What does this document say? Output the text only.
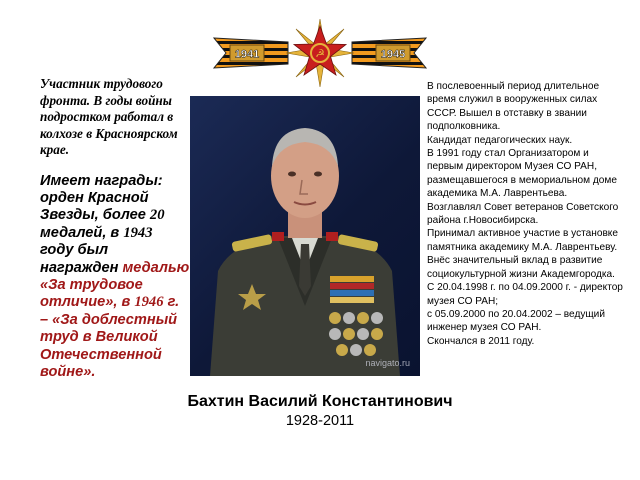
1941	1945
☭

Участник трудового фронта. В годы войны подростком работал в колхозе в Красноярском крае.

Имеет награды: орден Красной Звезды, более 20 медалей, в 1943 году был награжден медалью «За трудовое отличие», в 1946 г. – «За доблестный труд в Великой Отечественной войне».
navigato.ru

В послевоенный период длительное время служил в вооруженных силах СССР. Вышел в отставку в звании подполковника.

Кандидат педагогических наук.

В 1991 году стал Организатором и первым директором Музея СО РАН, размещавшегося в мемориальном доме академика М.А. Лаврентьева.

Возглавлял Совет ветеранов Советского района г.Новосибирска.

Принимал активное участие в установке памятника академику М.А. Лаврентьеву.

Внёс значительный вклад в развитие социокультурной жизни Академгородка.

С 20.04.1998 г. по 04.09.2000 г. - директор музея СО РАН;

с 05.09.2000 по 20.04.2002 – ведущий инженер музея СО РАН.

Скончался в 2011 году.

Бахтин Василий Константинович
1928-2011
